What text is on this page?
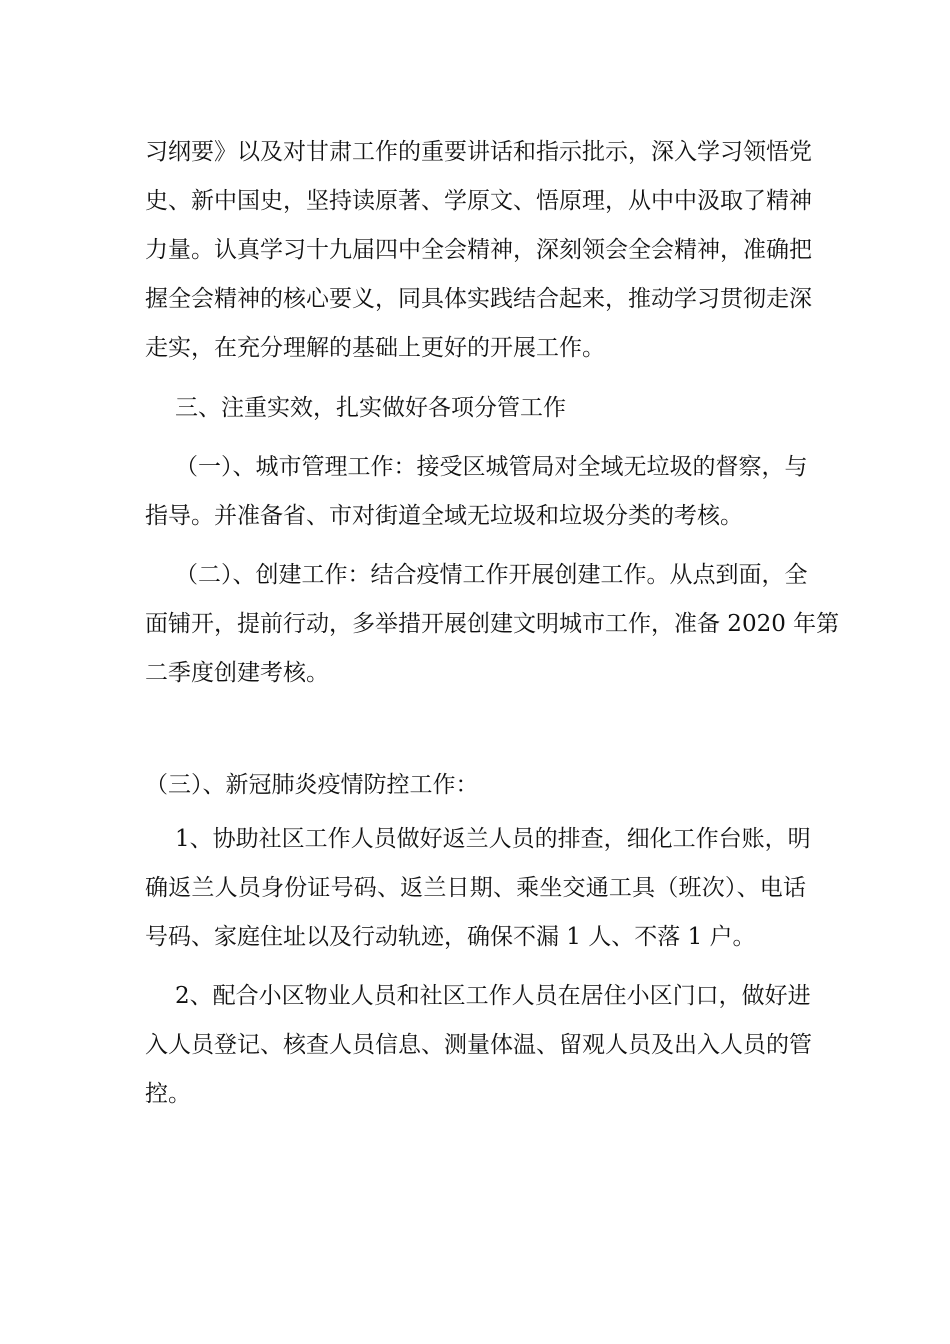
习纲要》以及对甘肃工作的重要讲话和指示批示，深入学习领悟党

史、新中国史，坚持读原著、学原文、悟原理，从中中汲取了精神

力量。认真学习十九届四中全会精神，深刻领会全会精神，准确把

握全会精神的核心要义，同具体实践结合起来，推动学习贯彻走深

走实，在充分理解的基础上更好的开展工作。

三、注重实效，扎实做好各项分管工作

（一）、城市管理工作：接受区城管局对全域无垃圾的督察，与

指导。并准备省、市对街道全域无垃圾和垃圾分类的考核。

（二）、创建工作：结合疫情工作开展创建工作。从点到面，全

面铺开，提前行动，多举措开展创建文明城市工作，准备 2020 年第

二季度创建考核。

（三）、新冠肺炎疫情防控工作：

1、协助社区工作人员做好返兰人员的排查，细化工作台账，明

确返兰人员身份证号码、返兰日期、乘坐交通工具（班次）、电话

号码、家庭住址以及行动轨迹，确保不漏 1 人、不落 1 户。

2、配合小区物业人员和社区工作人员在居住小区门口，做好进

入人员登记、核查人员信息、测量体温、留观人员及出入人员的管

控。
